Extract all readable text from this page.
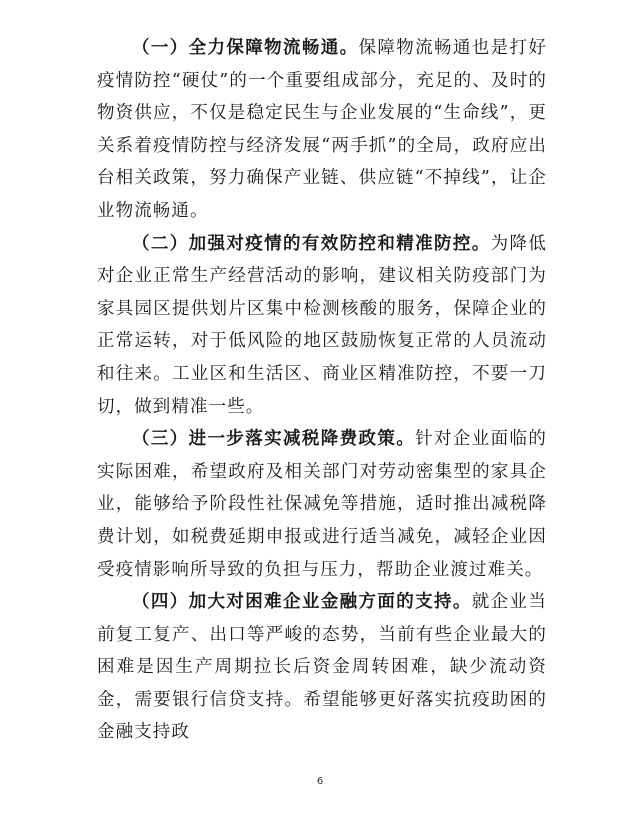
（一）全力保障物流畅通。保障物流畅通也是打好疫情防控“硬仗”的一个重要组成部分，充足的、及时的物资供应，不仅是稳定民生与企业发展的“生命线”，更关系着疫情防控与经济发展“两手抓”的全局，政府应出台相关政策，努力确保产业链、供应链“不掉线”，让企业物流畅通。

（二）加强对疫情的有效防控和精准防控。为降低对企业正常生产经营活动的影响，建议相关防疫部门为家具园区提供划片区集中检测核酸的服务，保障企业的正常运转，对于低风险的地区鼓励恢复正常的人员流动和往来。工业区和生活区、商业区精准防控，不要一刀切，做到精准一些。

（三）进一步落实减税降费政策。针对企业面临的实际困难，希望政府及相关部门对劳动密集型的家具企业，能够给予阶段性社保减免等措施，适时推出减税降费计划，如税费延期申报或进行适当减免，减轻企业因受疫情影响所导致的负担与压力，帮助企业渡过难关。

（四）加大对困难企业金融方面的支持。就企业当前复工复产、出口等严峻的态势，当前有些企业最大的困难是因生产周期拉长后资金周转困难，缺少流动资金，需要银行信贷支持。希望能够更好落实抗疫助困的金融支持政

6
